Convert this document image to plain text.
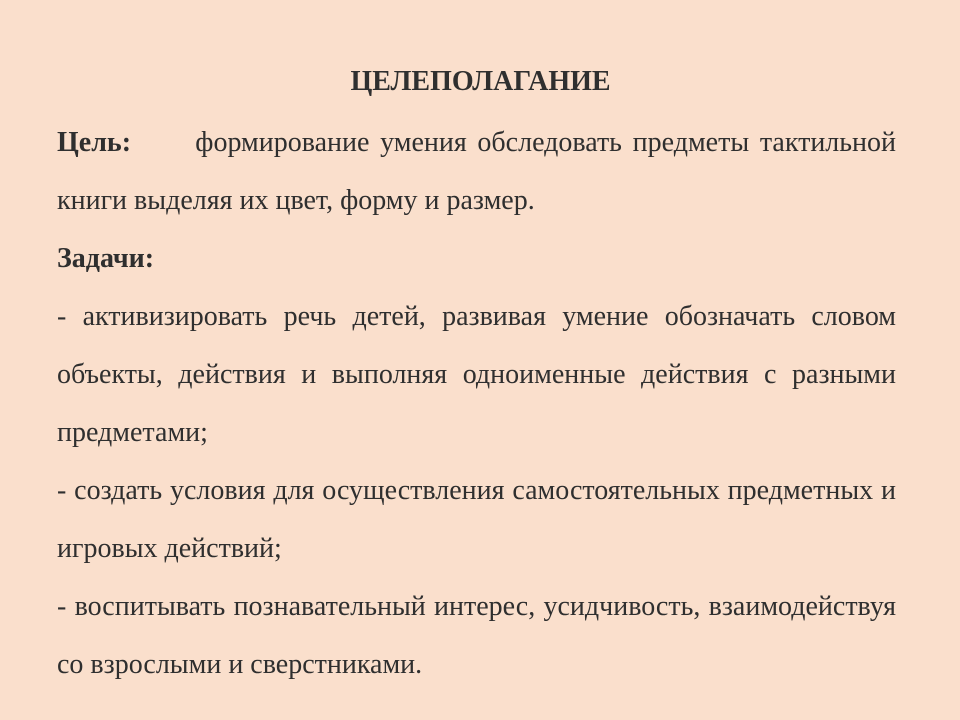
ЦЕЛЕПОЛАГАНИЕ

Цель: формирование умения обследовать предметы тактильной книги выделяя их цвет, форму и размер.

Задачи:

- активизировать речь детей, развивая умение обозначать словом объекты, действия и выполняя одноименные действия с разными предметами;

- создать условия для осуществления самостоятельных предметных и игровых действий;

- воспитывать познавательный интерес, усидчивость, взаимодействуя со взрослыми и сверстниками.
